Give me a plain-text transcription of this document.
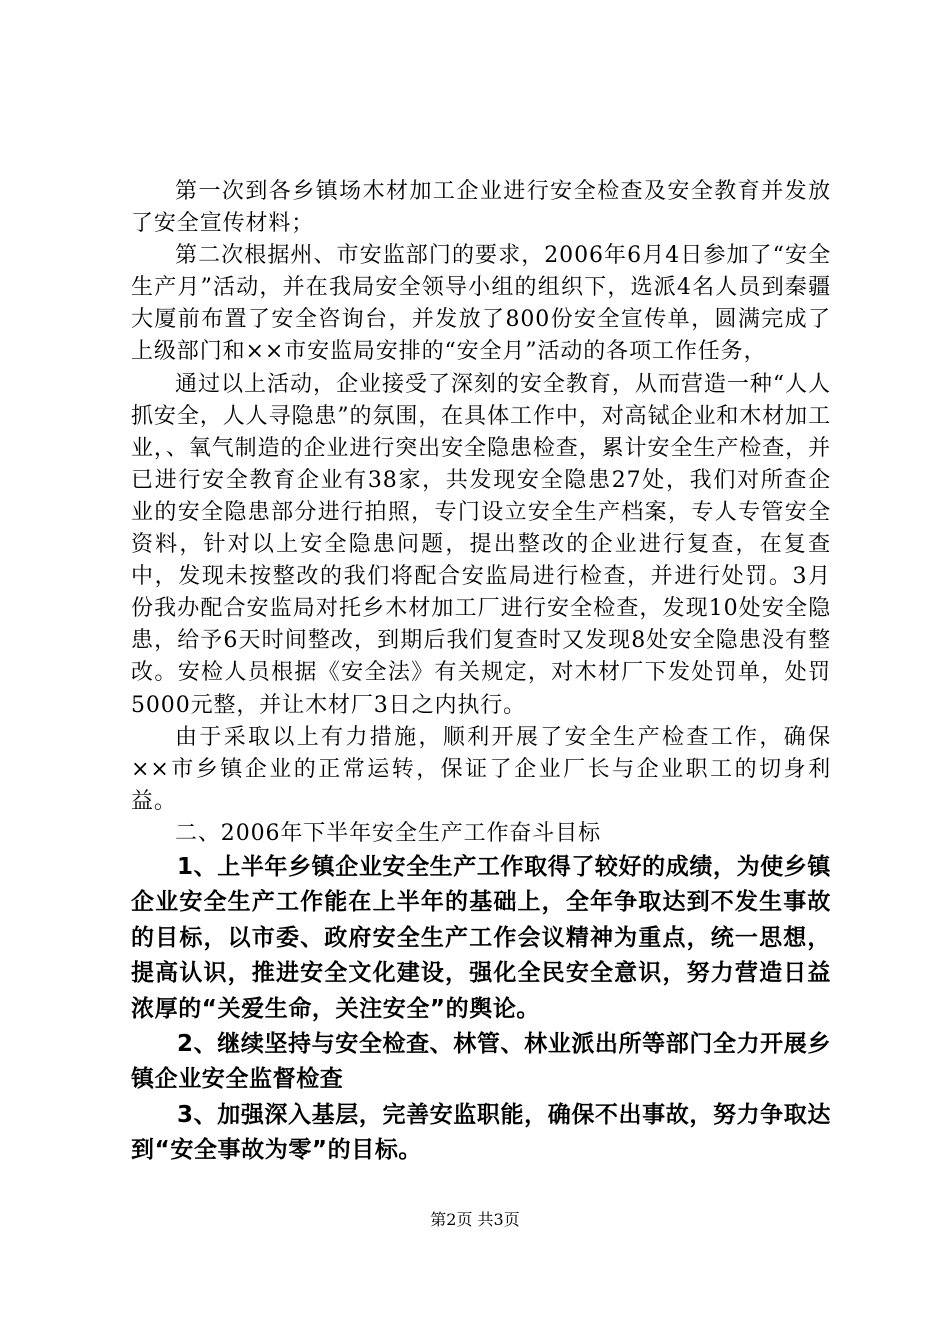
第一次到各乡镇场木材加工企业进行安全检查及安全教育并发放了安全宣传材料；

第二次根据州、市安监部门的要求，2006年6月4日参加了“安全生产月”活动，并在我局安全领导小组的组织下，选派4名人员到秦疆大厦前布置了安全咨询台，并发放了800份安全宣传单，圆满完成了上级部门和××市安监局安排的“安全月”活动的各项工作任务，

通过以上活动，企业接受了深刻的安全教育，从而营造一种“人人抓安全，人人寻隐患”的氛围，在具体工作中，对高铽企业和木材加工业，、氧气制造的企业进行突出安全隐患检查，累计安全生产检查，并已进行安全教育企业有38家，共发现安全隐患27处，我们对所查企业的安全隐患部分进行拍照，专门设立安全生产档案，专人专管安全资料，针对以上安全隐患问题，提出整改的企业进行复查，在复查中，发现未按整改的我们将配合安监局进行检查，并进行处罚。3月份我办配合安监局对托乡木材加工厂进行安全检查，发现10处安全隐患，给予6天时间整改，到期后我们复查时又发现8处安全隐患没有整改。安检人员根据《安全法》有关规定，对木材厂下发处罚单，处罚5000元整，并让木材厂3日之内执行。

由于采取以上有力措施，顺利开展了安全生产检查工作，确保××市乡镇企业的正常运转，保证了企业厂长与企业职工的切身利益。

二、2006年下半年安全生产工作奋斗目标

1、上半年乡镇企业安全生产工作取得了较好的成绩，为使乡镇企业安全生产工作能在上半年的基础上，全年争取达到不发生事故的目标，以市委、政府安全生产工作会议精神为重点，统一思想，提高认识，推进安全文化建设，强化全民安全意识，努力营造日益浓厚的“关爱生命，关注安全”的舆论。

2、继续坚持与安全检查、林管、林业派出所等部门全力开展乡镇企业安全监督检查

3、加强深入基层，完善安监职能，确保不出事故，努力争取达到“安全事故为零”的目标。

第2页 共3页
